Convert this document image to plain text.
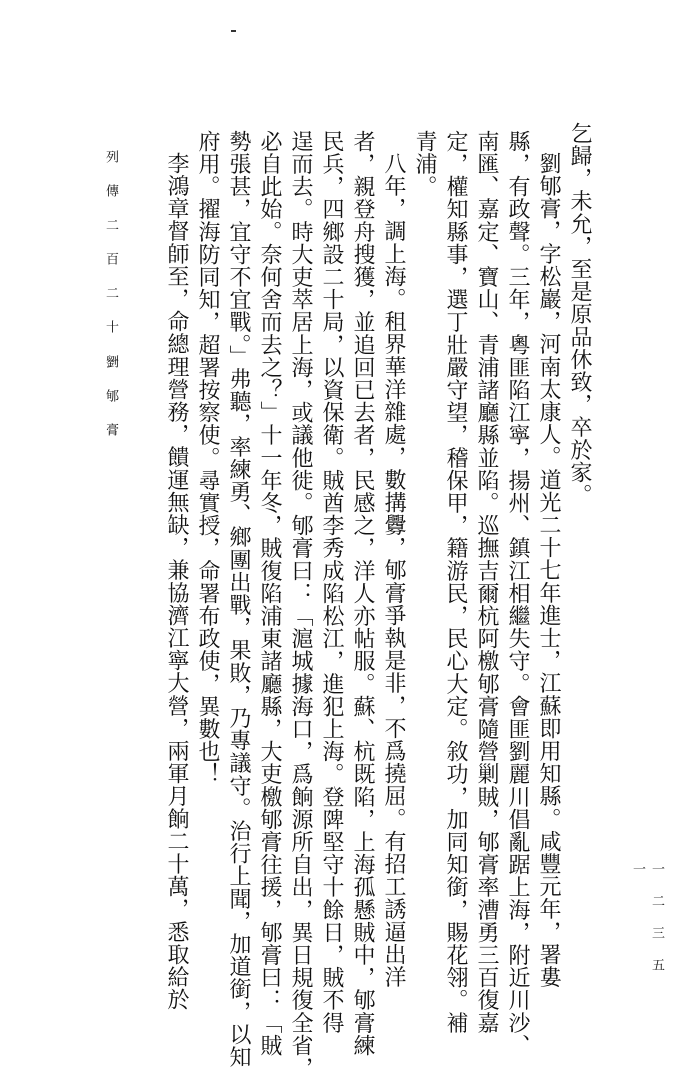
乞歸，未允，至是原品休致，卒於家。
劉郇膏，字松巖，河南太康人。道光二十七年進士，江蘇即用知縣。咸豐元年，署婁
縣，有政聲。三年，粵匪陷江寧，揚州、鎮江相繼失守。會匪劉麗川倡亂踞上海，附近川沙、
南匯、嘉定、寶山、青浦諸廳縣並陷。巡撫吉爾杭阿檄郇膏隨營剿賊，郇膏率漕勇三百復嘉
定，權知縣事，選丁壯嚴守望，稽保甲，籍游民，民心大定。敘功，加同知銜，賜花翎。補
青浦。
八年，調上海。租界華洋雜處，數搆釁，郇膏爭執是非，不爲撓屈。有招工誘逼出洋
者，親登舟搜獲，並追回已去者，民感之，洋人亦帖服。蘇、杭既陷，上海孤懸賊中，郇膏練
民兵，四鄉設二十局，以資保衛。賊酋李秀成陷松江，進犯上海。登陴堅守十餘日，賊不得
逞而去。時大吏萃居上海，或議他徙。郇膏曰：「滬城據海口，爲餉源所自出，異日規復全省，
必自此始。奈何舍而去之？」十一年冬，賊復陷浦東諸廳縣，大吏檄郇膏往援，郇膏曰：「賊
勢張甚，宜守不宜戰。」弗聽，率練勇、鄉團出戰，果敗，乃專議守。治行上聞，加道銜，以知
府用。擢海防同知，超署按察使。尋實授，命署布政使，異數也！
李鴻章督師至，命總理營務，饋運無缺，兼協濟江寧大營，兩軍月餉二十萬，悉取給於
列 傳 二 百 二 十 一
劉 郇 膏
一 二 三 五 一
